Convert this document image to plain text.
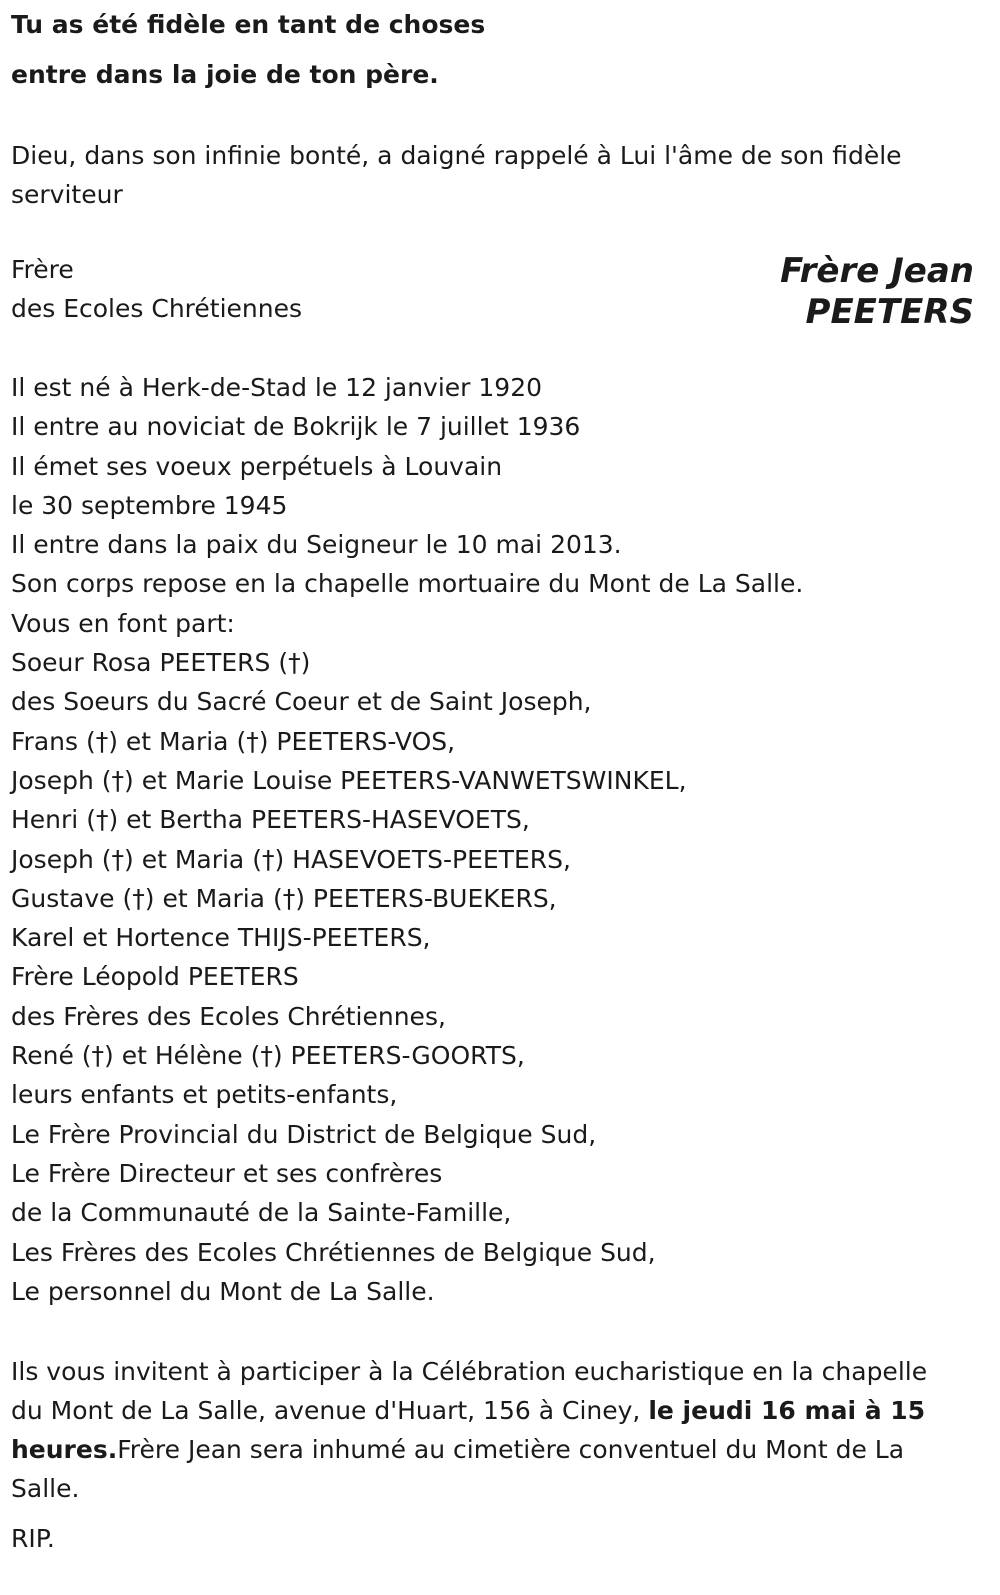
Tu as été fidèle en tant de choses

entre dans la joie de ton père.

Dieu, dans son infinie bonté, a daigné rappelé à Lui l'âme de son fidèle serviteur

Frère
des Ecoles Chrétiennes
Frère Jean
PEETERS
Il est né à Herk-de-Stad le 12 janvier 1920
Il entre au noviciat de Bokrijk le 7 juillet 1936
Il émet ses voeux perpétuels à Louvain
le 30 septembre 1945
Il entre dans la paix du Seigneur le 10 mai 2013.
Son corps repose en la chapelle mortuaire du Mont de La Salle.
Vous en font part:
Soeur Rosa PEETERS (†)
des Soeurs du Sacré Coeur et de Saint Joseph,
Frans (†) et Maria (†) PEETERS-VOS,
Joseph (†) et Marie Louise PEETERS-VANWETSWINKEL,
Henri (†) et Bertha PEETERS-HASEVOETS,
Joseph (†) et Maria (†) HASEVOETS-PEETERS,
Gustave (†) et Maria (†) PEETERS-BUEKERS,
Karel et Hortence THIJS-PEETERS,
Frère Léopold PEETERS
des Frères des Ecoles Chrétiennes,
René (†) et Hélène (†) PEETERS-GOORTS,
leurs enfants et petits-enfants,
Le Frère Provincial du District de Belgique Sud,
Le Frère Directeur et ses confrères
de la Communauté de la Sainte-Famille,
Les Frères des Ecoles Chrétiennes de Belgique Sud,
Le personnel du Mont de La Salle.

Ils vous invitent à participer à la Célébration eucharistique en la chapelle du Mont de La Salle, avenue d'Huart, 156 à Ciney, le jeudi 16 mai à 15 heures.Frère Jean sera inhumé au cimetière conventuel du Mont de La Salle.

RIP.
